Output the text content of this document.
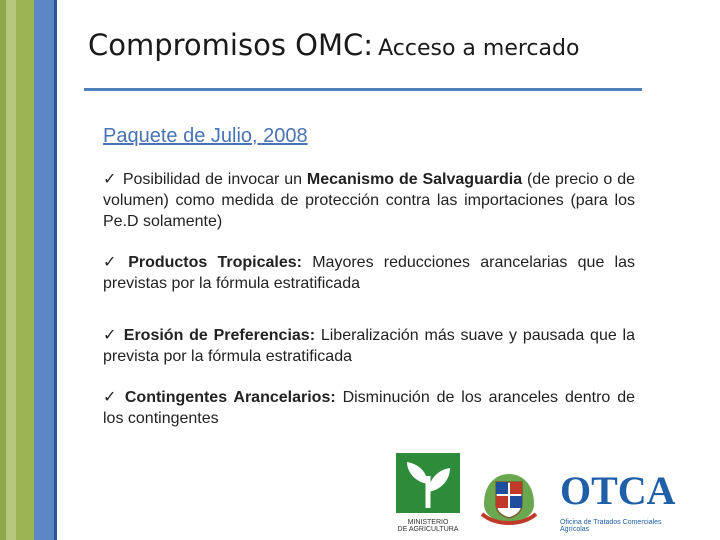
Compromisos OMC: Acceso a mercado
Paquete de Julio, 2008
✓ Posibilidad de invocar un Mecanismo de Salvaguardia (de precio o de volumen) como medida de protección contra las importaciones (para los Pe.D solamente)
✓ Productos Tropicales: Mayores reducciones arancelarias que las previstas por la fórmula estratificada
✓ Erosión de Preferencias: Liberalización más suave y pausada que la prevista por la fórmula estratificada
✓ Contingentes Arancelarios: Disminución de los aranceles dentro de los contingentes
MINISTERIO
DE AGRICULTURA
OTCA
Oficina de Tratados Comerciales Agrícolas
